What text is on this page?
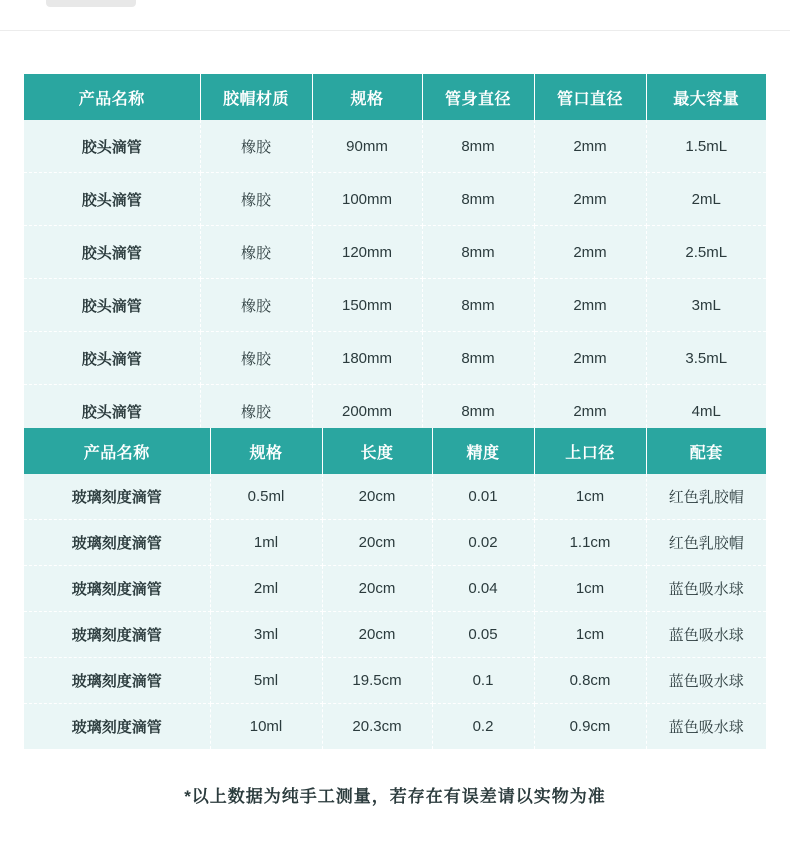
产品名称	胶帽材质	规格	管身直径	管口直径	最大容量
胶头滴管	橡胶	90mm	8mm	2mm	1.5mL
胶头滴管	橡胶	100mm	8mm	2mm	2mL
胶头滴管	橡胶	120mm	8mm	2mm	2.5mL
胶头滴管	橡胶	150mm	8mm	2mm	3mL
胶头滴管	橡胶	180mm	8mm	2mm	3.5mL
胶头滴管	橡胶	200mm	8mm	2mm	4mL
产品名称	规格	长度	精度	上口径	配套
玻璃刻度滴管	0.5ml	20cm	0.01	1cm	红色乳胶帽
玻璃刻度滴管	1ml	20cm	0.02	1.1cm	红色乳胶帽
玻璃刻度滴管	2ml	20cm	0.04	1cm	蓝色吸水球
玻璃刻度滴管	3ml	20cm	0.05	1cm	蓝色吸水球
玻璃刻度滴管	5ml	19.5cm	0.1	0.8cm	蓝色吸水球
玻璃刻度滴管	10ml	20.3cm	0.2	0.9cm	蓝色吸水球
*以上数据为纯手工测量，若存在有误差请以实物为准
